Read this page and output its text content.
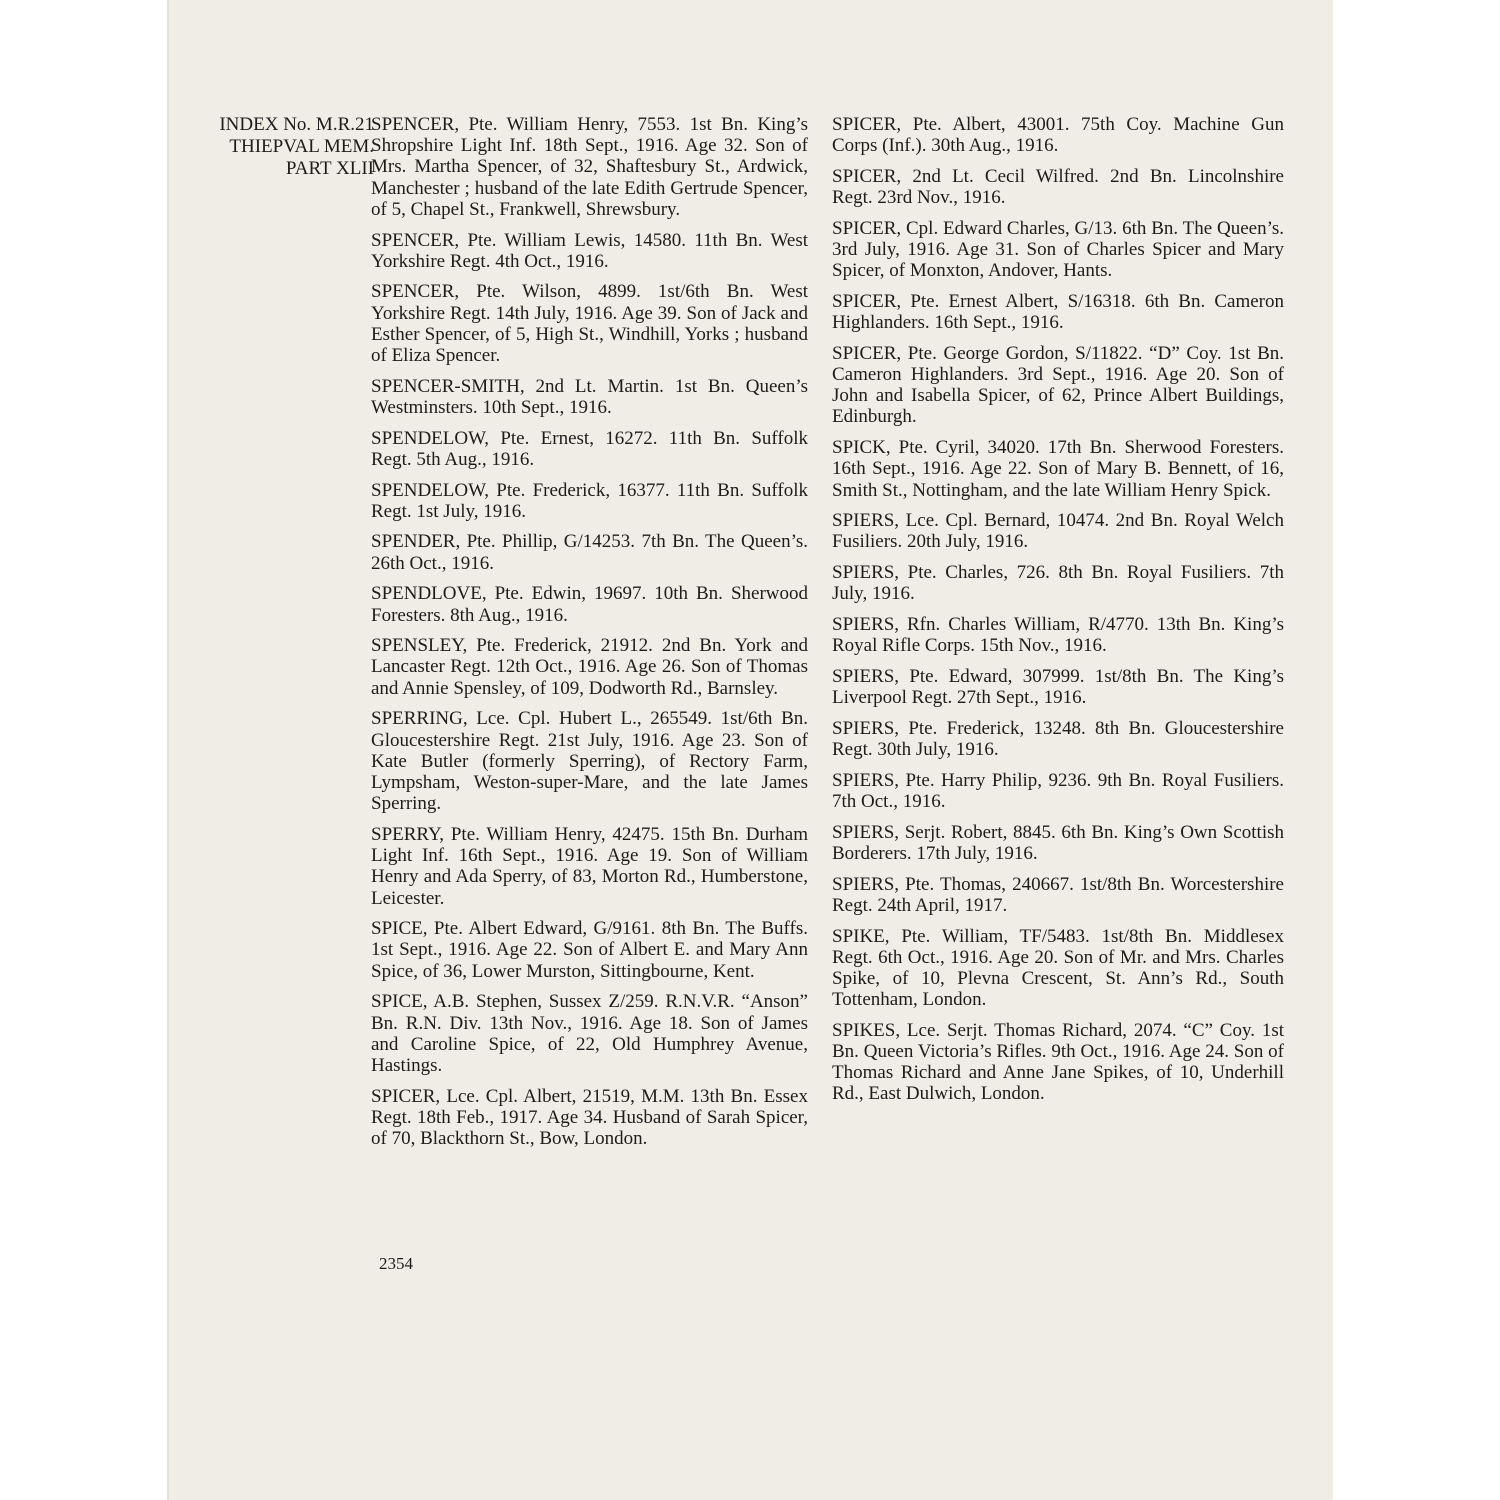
INDEX No. M.R.21
THIEPVAL MEM.
PART XLII

SPENCER, Pte. William Henry, 7553. 1st Bn. King’s Shropshire Light Inf. 18th Sept., 1916. Age 32. Son of Mrs. Martha Spencer, of 32, Shaftesbury St., Ardwick, Manchester ; husband of the late Edith Gertrude Spencer, of 5, Chapel St., Frankwell, Shrewsbury.

SPENCER, Pte. William Lewis, 14580. 11th Bn. West Yorkshire Regt. 4th Oct., 1916.

SPENCER, Pte. Wilson, 4899. 1st/6th Bn. West Yorkshire Regt. 14th July, 1916. Age 39. Son of Jack and Esther Spencer, of 5, High St., Windhill, Yorks ; husband of Eliza Spencer.

SPENCER-SMITH, 2nd Lt. Martin. 1st Bn. Queen’s Westminsters. 10th Sept., 1916.

SPENDELOW, Pte. Ernest, 16272. 11th Bn. Suffolk Regt. 5th Aug., 1916.

SPENDELOW, Pte. Frederick, 16377. 11th Bn. Suffolk Regt. 1st July, 1916.

SPENDER, Pte. Phillip, G/14253. 7th Bn. The Queen’s. 26th Oct., 1916.

SPENDLOVE, Pte. Edwin, 19697. 10th Bn. Sherwood Foresters. 8th Aug., 1916.

SPENSLEY, Pte. Frederick, 21912. 2nd Bn. York and Lancaster Regt. 12th Oct., 1916. Age 26. Son of Thomas and Annie Spensley, of 109, Dodworth Rd., Barnsley.

SPERRING, Lce. Cpl. Hubert L., 265549. 1st/6th Bn. Gloucestershire Regt. 21st July, 1916. Age 23. Son of Kate Butler (formerly Sperring), of Rectory Farm, Lympsham, Weston-super-Mare, and the late James Sperring.

SPERRY, Pte. William Henry, 42475. 15th Bn. Durham Light Inf. 16th Sept., 1916. Age 19. Son of William Henry and Ada Sperry, of 83, Morton Rd., Humberstone, Leicester.

SPICE, Pte. Albert Edward, G/9161. 8th Bn. The Buffs. 1st Sept., 1916. Age 22. Son of Albert E. and Mary Ann Spice, of 36, Lower Murston, Sittingbourne, Kent.

SPICE, A.B. Stephen, Sussex Z/259. R.N.V.R. “Anson” Bn. R.N. Div. 13th Nov., 1916. Age 18. Son of James and Caroline Spice, of 22, Old Humphrey Avenue, Hastings.

SPICER, Lce. Cpl. Albert, 21519, M.M. 13th Bn. Essex Regt. 18th Feb., 1917. Age 34. Husband of Sarah Spicer, of 70, Blackthorn St., Bow, London.

SPICER, Pte. Albert, 43001. 75th Coy. Machine Gun Corps (Inf.). 30th Aug., 1916.

SPICER, 2nd Lt. Cecil Wilfred. 2nd Bn. Lincolnshire Regt. 23rd Nov., 1916.

SPICER, Cpl. Edward Charles, G/13. 6th Bn. The Queen’s. 3rd July, 1916. Age 31. Son of Charles Spicer and Mary Spicer, of Monxton, Andover, Hants.

SPICER, Pte. Ernest Albert, S/16318. 6th Bn. Cameron Highlanders. 16th Sept., 1916.

SPICER, Pte. George Gordon, S/11822. “D” Coy. 1st Bn. Cameron Highlanders. 3rd Sept., 1916. Age 20. Son of John and Isabella Spicer, of 62, Prince Albert Buildings, Edinburgh.

SPICK, Pte. Cyril, 34020. 17th Bn. Sherwood Foresters. 16th Sept., 1916. Age 22. Son of Mary B. Bennett, of 16, Smith St., Nottingham, and the late William Henry Spick.

SPIERS, Lce. Cpl. Bernard, 10474. 2nd Bn. Royal Welch Fusiliers. 20th July, 1916.

SPIERS, Pte. Charles, 726. 8th Bn. Royal Fusiliers. 7th July, 1916.

SPIERS, Rfn. Charles William, R/4770. 13th Bn. King’s Royal Rifle Corps. 15th Nov., 1916.

SPIERS, Pte. Edward, 307999. 1st/8th Bn. The King’s Liverpool Regt. 27th Sept., 1916.

SPIERS, Pte. Frederick, 13248. 8th Bn. Gloucestershire Regt. 30th July, 1916.

SPIERS, Pte. Harry Philip, 9236. 9th Bn. Royal Fusiliers. 7th Oct., 1916.

SPIERS, Serjt. Robert, 8845. 6th Bn. King’s Own Scottish Borderers. 17th July, 1916.

SPIERS, Pte. Thomas, 240667. 1st/8th Bn. Worcestershire Regt. 24th April, 1917.

SPIKE, Pte. William, TF/5483. 1st/8th Bn. Middlesex Regt. 6th Oct., 1916. Age 20. Son of Mr. and Mrs. Charles Spike, of 10, Plevna Crescent, St. Ann’s Rd., South Tottenham, London.

SPIKES, Lce. Serjt. Thomas Richard, 2074. “C” Coy. 1st Bn. Queen Victoria’s Rifles. 9th Oct., 1916. Age 24. Son of Thomas Richard and Anne Jane Spikes, of 10, Underhill Rd., East Dulwich, London.

2354
